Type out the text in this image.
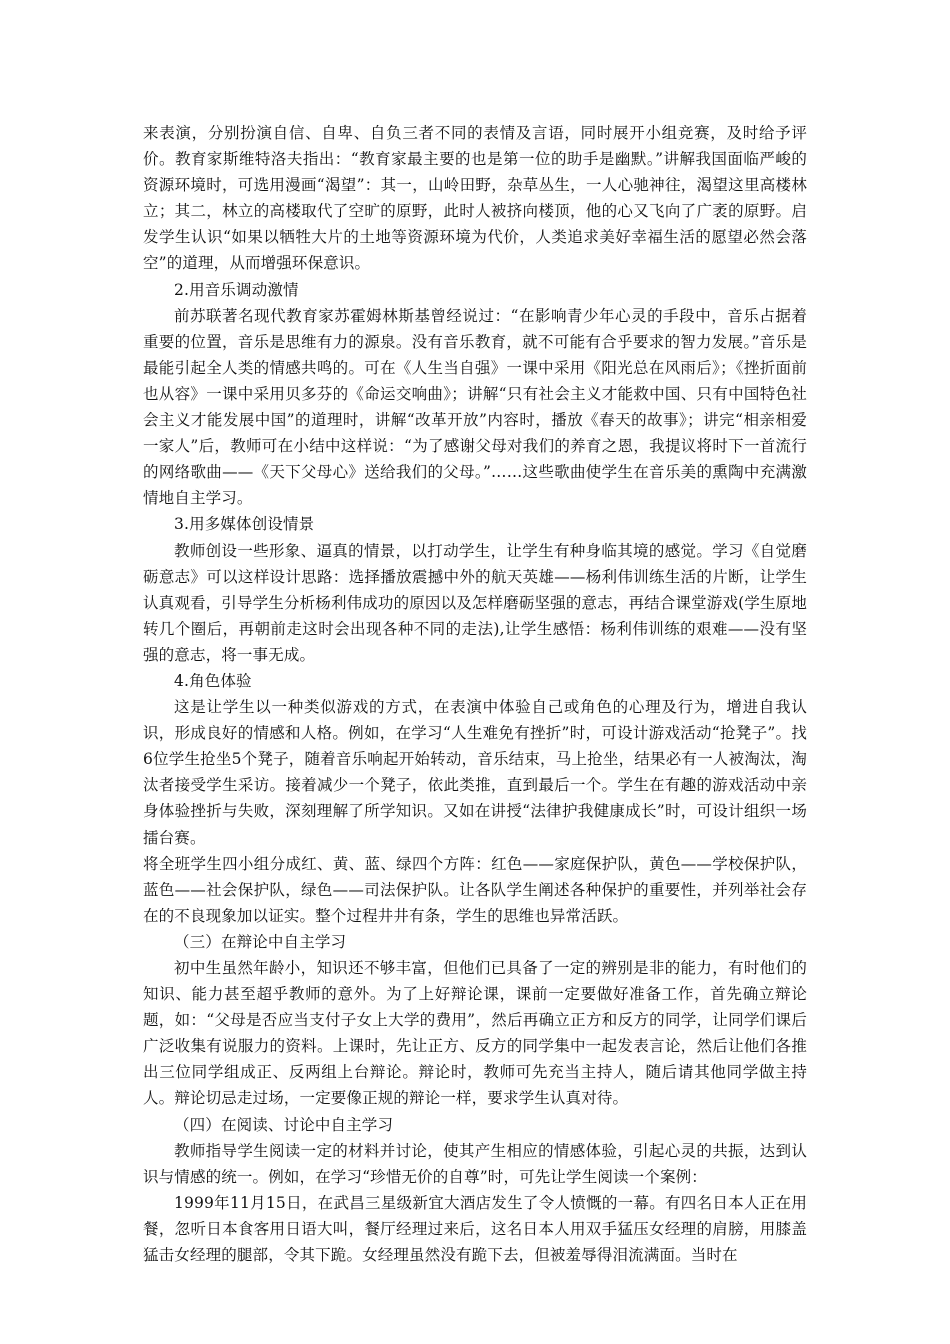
来表演，分别扮演自信、自卑、自负三者不同的表情及言语，同时展开小组竞赛，及时给予评价。教育家斯维特洛夫指出：“教育家最主要的也是第一位的助手是幽默。”讲解我国面临严峻的资源环境时，可选用漫画“渴望”：其一，山岭田野，杂草丛生，一人心驰神往，渴望这里高楼林立；其二，林立的高楼取代了空旷的原野，此时人被挤向楼顶，他的心又飞向了广袤的原野。启发学生认识“如果以牺牲大片的土地等资源环境为代价，人类追求美好幸福生活的愿望必然会落空”的道理，从而增强环保意识。

2.用音乐调动激情

前苏联著名现代教育家苏霍姆林斯基曾经说过：“在影响青少年心灵的手段中，音乐占据着重要的位置，音乐是思维有力的源泉。没有音乐教育，就不可能有合乎要求的智力发展。”音乐是最能引起全人类的情感共鸣的。可在《人生当自强》一课中采用《阳光总在风雨后》；《挫折面前也从容》一课中采用贝多芬的《命运交响曲》；讲解“只有社会主义才能救中国、只有中国特色社会主义才能发展中国”的道理时，讲解“改革开放”内容时，播放《春天的故事》；讲完“相亲相爱一家人”后，教师可在小结中这样说：“为了感谢父母对我们的养育之恩，我提议将时下一首流行的网络歌曲——《天下父母心》送给我们的父母。”……这些歌曲使学生在音乐美的熏陶中充满激情地自主学习。

3.用多媒体创设情景

教师创设一些形象、逼真的情景，以打动学生，让学生有种身临其境的感觉。学习《自觉磨砺意志》可以这样设计思路：选择播放震撼中外的航天英雄——杨利伟训练生活的片断，让学生认真观看，引导学生分析杨利伟成功的原因以及怎样磨砺坚强的意志，再结合课堂游戏(学生原地转几个圈后，再朝前走这时会出现各种不同的走法),让学生感悟：杨利伟训练的艰难——没有坚强的意志，将一事无成。

4.角色体验

这是让学生以一种类似游戏的方式，在表演中体验自己或角色的心理及行为，增进自我认识，形成良好的情感和人格。例如，在学习“人生难免有挫折”时，可设计游戏活动“抢凳子”。找6位学生抢坐5个凳子，随着音乐响起开始转动，音乐结束，马上抢坐，结果必有一人被淘汰，淘汰者接受学生采访。接着减少一个凳子，依此类推，直到最后一个。学生在有趣的游戏活动中亲身体验挫折与失败，深刻理解了所学知识。又如在讲授“法律护我健康成长”时，可设计组织一场擂台赛。

将全班学生四小组分成红、黄、蓝、绿四个方阵：红色——家庭保护队，黄色——学校保护队，蓝色——社会保护队，绿色——司法保护队。让各队学生阐述各种保护的重要性，并列举社会存在的不良现象加以证实。整个过程井井有条，学生的思维也异常活跃。

（三）在辩论中自主学习

初中生虽然年龄小，知识还不够丰富，但他们已具备了一定的辨别是非的能力，有时他们的知识、能力甚至超乎教师的意外。为了上好辩论课，课前一定要做好准备工作，首先确立辩论题，如：“父母是否应当支付子女上大学的费用”，然后再确立正方和反方的同学，让同学们课后广泛收集有说服力的资料。上课时，先让正方、反方的同学集中一起发表言论，然后让他们各推出三位同学组成正、反两组上台辩论。辩论时，教师可先充当主持人，随后请其他同学做主持人。辩论切忌走过场，一定要像正规的辩论一样，要求学生认真对待。

（四）在阅读、讨论中自主学习

教师指导学生阅读一定的材料并讨论，使其产生相应的情感体验，引起心灵的共振，达到认识与情感的统一。例如，在学习“珍惜无价的自尊”时，可先让学生阅读一个案例：

1999年11月15日，在武昌三星级新宜大酒店发生了令人愤慨的一幕。有四名日本人正在用餐，忽听日本食客用日语大叫，餐厅经理过来后，这名日本人用双手猛压女经理的肩膀，用膝盖猛击女经理的腿部，令其下跪。女经理虽然没有跪下去，但被羞辱得泪流满面。当时在
